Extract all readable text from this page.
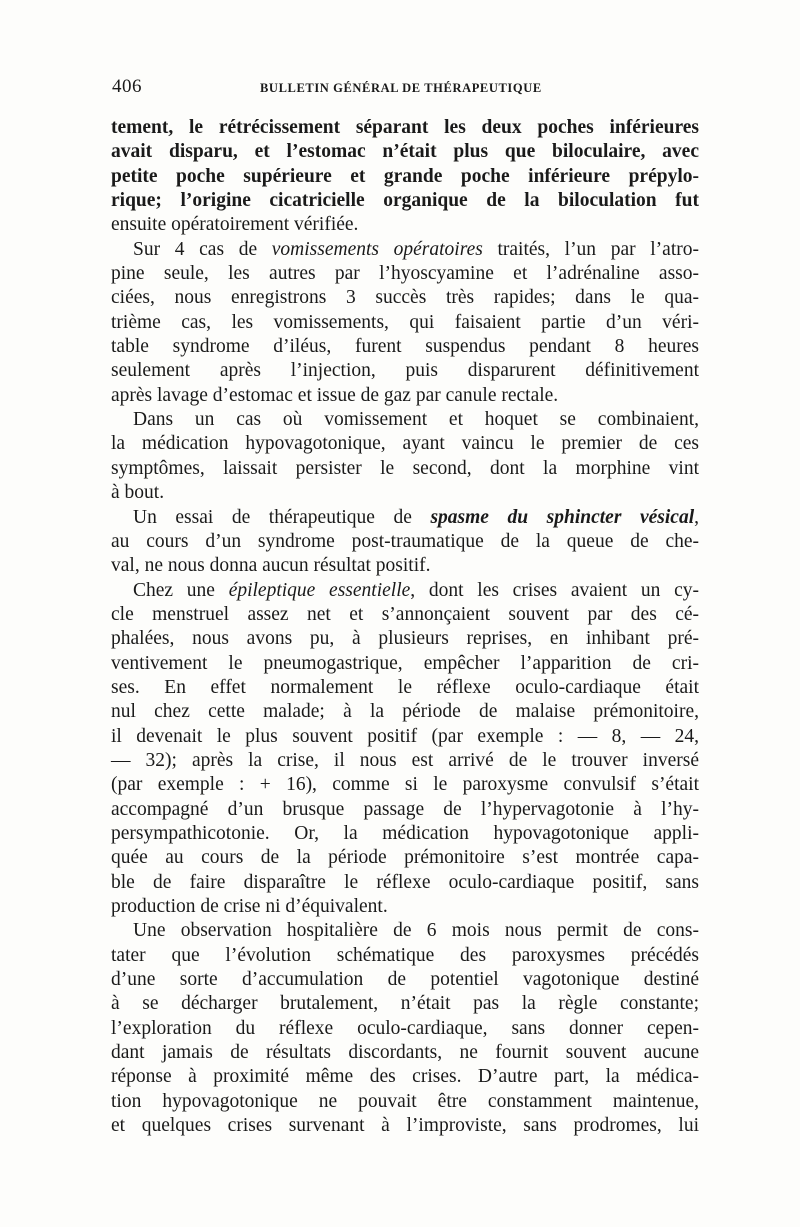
406	BULLETIN GÉNÉRAL DE THÉRAPEUTIQUE
tement, le rétrécissement séparant les deux poches inférieures
avait disparu, et l’estomac n’était plus que biloculaire, avec
petite poche supérieure et grande poche inférieure prépylo-
rique; l’origine cicatricielle organique de la biloculation fut
ensuite opératoirement vérifiée.
Sur 4 cas de vomissements opératoires traités, l’un par l’atro-
pine seule, les autres par l’hyoscyamine et l’adrénaline asso-
ciées, nous enregistrons 3 succès très rapides; dans le qua-
trième cas, les vomissements, qui faisaient partie d’un véri-
table syndrome d’iléus, furent suspendus pendant 8 heures
seulement après l’injection, puis disparurent définitivement
après lavage d’estomac et issue de gaz par canule rectale.
Dans un cas où vomissement et hoquet se combinaient,
la médication hypovagotonique, ayant vaincu le premier de ces
symptômes, laissait persister le second, dont la morphine vint
à bout.
Un essai de thérapeutique de spasme du sphincter vésical,
au cours d’un syndrome post-traumatique de la queue de che-
val, ne nous donna aucun résultat positif.
Chez une épileptique essentielle, dont les crises avaient un cy-
cle menstruel assez net et s’annonçaient souvent par des cé-
phalées, nous avons pu, à plusieurs reprises, en inhibant pré-
ventivement le pneumogastrique, empêcher l’apparition de cri-
ses. En effet normalement le réflexe oculo-cardiaque était
nul chez cette malade; à la période de malaise prémonitoire,
il devenait le plus souvent positif (par exemple : — 8, — 24,
— 32); après la crise, il nous est arrivé de le trouver inversé
(par exemple : + 16), comme si le paroxysme convulsif s’était
accompagné d’un brusque passage de l’hypervagotonie à l’hy-
persympathicotonie. Or, la médication hypovagotonique appli-
quée au cours de la période prémonitoire s’est montrée capa-
ble de faire disparaître le réflexe oculo-cardiaque positif, sans
production de crise ni d’équivalent.
Une observation hospitalière de 6 mois nous permit de cons-
tater que l’évolution schématique des paroxysmes précédés
d’une sorte d’accumulation de potentiel vagotonique destiné
à se décharger brutalement, n’était pas la règle constante;
l’exploration du réflexe oculo-cardiaque, sans donner cepen-
dant jamais de résultats discordants, ne fournit souvent aucune
réponse à proximité même des crises. D’autre part, la médica-
tion hypovagotonique ne pouvait être constamment maintenue,
et quelques crises survenant à l’improviste, sans prodromes, lui
